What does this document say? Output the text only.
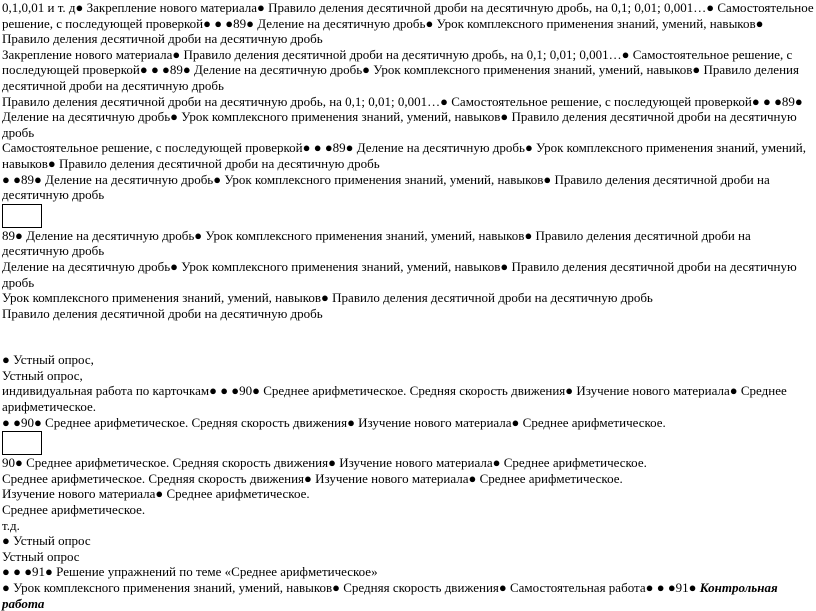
0,1,0,01 и т. д● Закрепление нового материала● Правило деления десятичной дроби на десятичную дробь, на 0,1; 0,01; 0,001…● Самостоятельное решение, с последующей проверкой● ● ●89● Деление на десятичную дробь● Урок комплексного применения знаний, умений, навыков● Правило деления десятичной дроби на десятичную дробь

Закрепление нового материала● Правило деления десятичной дроби на десятичную дробь, на 0,1; 0,01; 0,001…● Самостоятельное решение, с последующей проверкой● ● ●89● Деление на десятичную дробь● Урок комплексного применения знаний, умений, навыков● Правило деления десятичной дроби на десятичную дробь

Правило деления десятичной дроби на десятичную дробь, на 0,1; 0,01; 0,001…● Самостоятельное решение, с последующей проверкой● ● ●89● Деление на десятичную дробь● Урок комплексного применения знаний, умений, навыков● Правило деления десятичной дроби на десятичную дробь

Самостоятельное решение, с последующей проверкой● ● ●89● Деление на десятичную дробь● Урок комплексного применения знаний, умений, навыков● Правило деления десятичной дроби на десятичную дробь

● ●89● Деление на десятичную дробь● Урок комплексного применения знаний, умений, навыков● Правило деления десятичной дроби на десятичную дробь

89● Деление на десятичную дробь● Урок комплексного применения знаний, умений, навыков● Правило деления десятичной дроби на десятичную дробь

Деление на десятичную дробь● Урок комплексного применения знаний, умений, навыков● Правило деления десятичной дроби на десятичную дробь

Урок комплексного применения знаний, умений, навыков● Правило деления десятичной дроби на десятичную дробь

Правило деления десятичной дроби на десятичную дробь

● Устный опрос,

Устный опрос,

индивидуальная работа по карточкам● ● ●90● Среднее арифметическое. Средняя скорость движения● Изучение нового материала● Среднее арифметическое.

● ●90● Среднее арифметическое. Средняя скорость движения● Изучение нового материала● Среднее арифметическое.

90● Среднее арифметическое. Средняя скорость движения● Изучение нового материала● Среднее арифметическое.

Среднее арифметическое. Средняя скорость движения● Изучение нового материала● Среднее арифметическое.

Изучение нового материала● Среднее арифметическое.

Среднее арифметическое.

т.д.

● Устный опрос

Устный опрос

● ● ●91● Решение упражнений по теме «Среднее арифметическое»

● Урок комплексного применения знаний, умений, навыков● Средняя скорость движения● Самостоятельная работа● ● ●91● Контрольная работа
